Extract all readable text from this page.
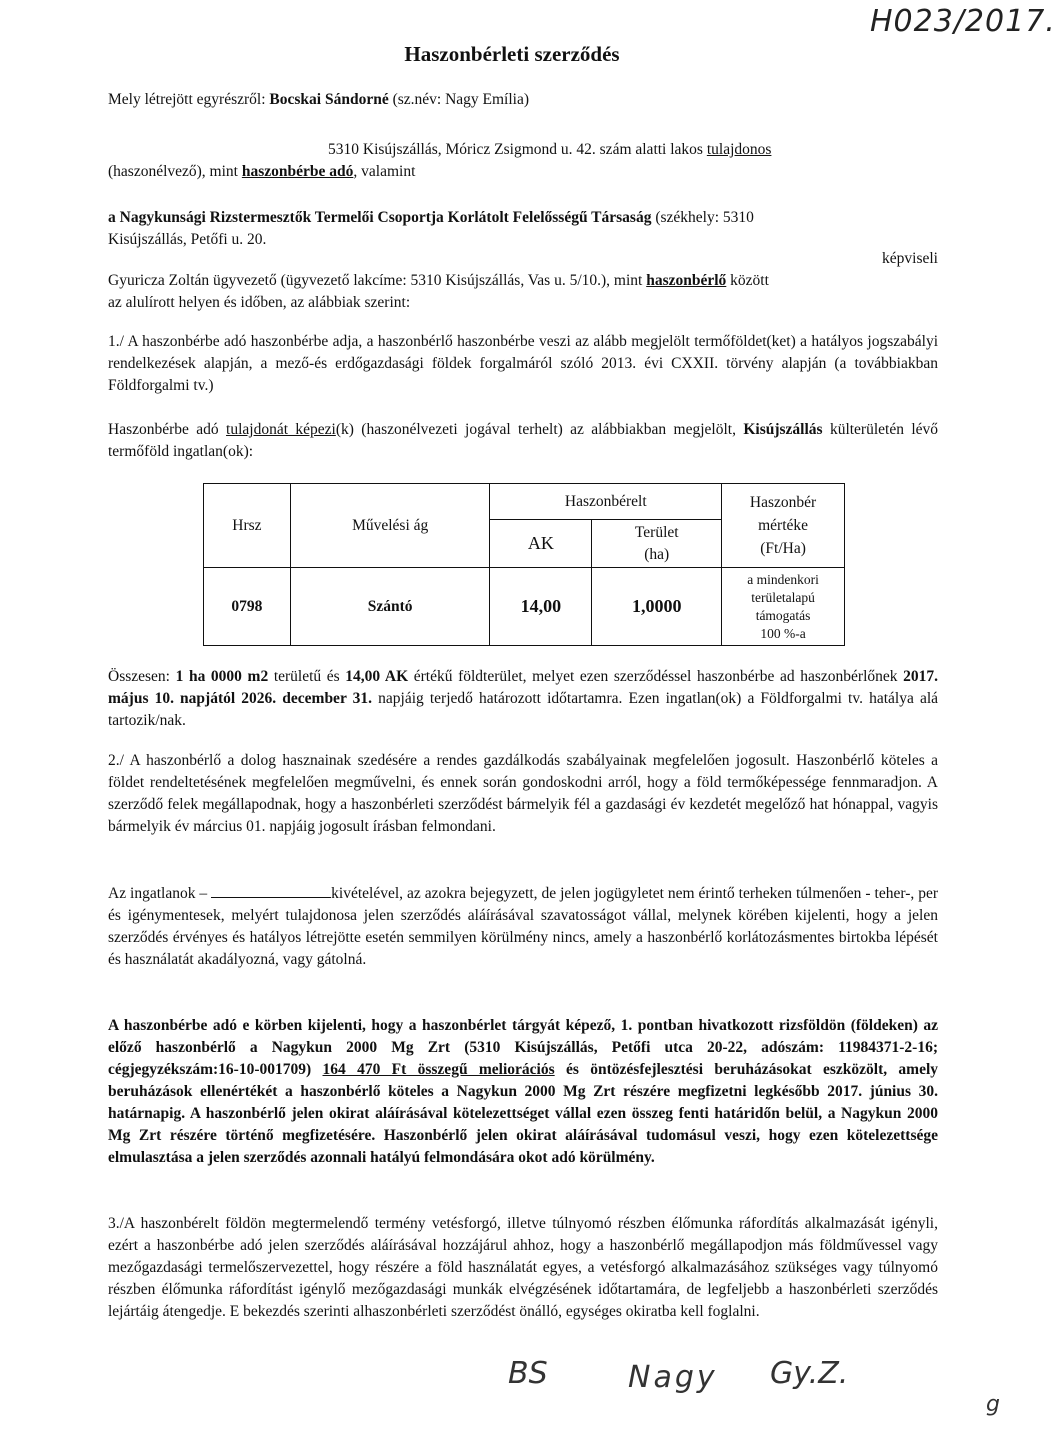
Haszonbérleti szerződés
H023/2017.
Mely létrejött egyrészről: Bocskai Sándorné (sz.név: Nagy Emília)
5310 Kisújszállás, Móricz Zsigmond u. 42. szám alatti lakos tulajdonos
(haszonélvező), mint haszonbérbe adó, valamint
a Nagykunsági Rizstermesztők Termelői Csoportja Korlátolt Felelősségű Társaság (székhely: 5310
Kisújszállás, Petőfi u. 20.
képviseli
Gyuricza Zoltán ügyvezető (ügyvezető lakcíme: 5310 Kisújszállás, Vas u. 5/10.), mint haszonbérlő között
az alulírott helyen és időben, az alábbiak szerint:
1./ A haszonbérbe adó haszonbérbe adja, a haszonbérlő haszonbérbe veszi az alább megjelölt termőföldet(ket) a hatályos jogszabályi rendelkezések alapján, a mező-és erdőgazdasági földek forgalmáról szóló 2013. évi CXXII. törvény alapján (a továbbiakban Földforgalmi tv.)
Haszonbérbe adó tulajdonát képezi(k) (haszonélvezeti jogával terhelt) az alábbiakban megjelölt, Kisújszállás külterületén lévő termőföld ingatlan(ok):
Hrsz	Művelési ág	Haszonbérelt		Haszonbér
mértéke
(Ft/Ha)

		AK	Terület
(ha)	

0798	Szántó	14,00	1,0000	a mindenkori
területalapú
támogatás
100 %-a
Összesen: 1 ha 0000 m2 területű és 14,00 AK értékű földterület, melyet ezen szerződéssel haszonbérbe ad haszonbérlőnek 2017. május 10. napjától 2026. december 31. napjáig terjedő határozott időtartamra. Ezen ingatlan(ok) a Földforgalmi tv. hatálya alá tartozik/nak.
2./ A haszonbérlő a dolog hasznainak szedésére a rendes gazdálkodás szabályainak megfelelően jogosult. Haszonbérlő köteles a földet rendeltetésének megfelelően megművelni, és ennek során gondoskodni arról, hogy a föld termőképessége fennmaradjon. A szerződő felek megállapodnak, hogy a haszonbérleti szerződést bármelyik fél a gazdasági év kezdetét megelőző hat hónappal, vagyis bármelyik év március 01. napjáig jogosult írásban felmondani.
Az ingatlanok –	kivételével, az azokra bejegyzett, de jelen jogügyletet nem érintő terheken túlmenően - teher-, per és igénymentesek, melyért tulajdonosa jelen szerződés aláírásával szavatosságot vállal, melynek körében kijelenti, hogy a jelen szerződés érvényes és hatályos létrejötte esetén semmilyen körülmény nincs, amely a haszonbérlő korlátozásmentes birtokba lépését és használatát akadályozná, vagy gátolná.
A haszonbérbe adó e körben kijelenti, hogy a haszonbérlet tárgyát képező, 1. pontban hivatkozott rizsföldön (földeken) az előző haszonbérlő a Nagykun 2000 Mg Zrt (5310 Kisújszállás, Petőfi utca 20-22, adószám: 11984371-2-16; cégjegyzékszám:16-10-001709) 164 470 Ft összegű meliorációs és öntözésfejlesztési beruházásokat eszközölt, amely beruházások ellenértékét a haszonbérlő köteles a Nagykun 2000 Mg Zrt részére megfizetni legkésőbb 2017. június 30. határnapig. A haszonbérlő jelen okirat aláírásával kötelezettséget vállal ezen összeg fenti határidőn belül, a Nagykun 2000 Mg Zrt részére történő megfizetésére. Haszonbérlő jelen okirat aláírásával tudomásul veszi, hogy ezen kötelezettsége elmulasztása a jelen szerződés azonnali hatályú felmondására okot adó körülmény.
3./A haszonbérelt földön megtermelendő termény vetésforgó, illetve túlnyomó részben élőmunka ráfordítás alkalmazását igényli, ezért a haszonbérbe adó jelen szerződés aláírásával hozzájárul ahhoz, hogy a haszonbérlő megállapodjon más földművessel vagy mezőgazdasági termelőszervezettel, hogy részére a föld használatát egyes, a vetésforgó alkalmazásához szükséges vagy túlnyomó részben élőmunka ráfordítást igénylő mezőgazdasági munkák elvégzésének időtartamára, de legfeljebb a haszonbérleti szerződés lejártáig átengedje. E bekezdés szerinti alhaszonbérleti szerződést önálló, egységes okiratba kell foglalni.
BS	Nagy Gy.Z.
g
